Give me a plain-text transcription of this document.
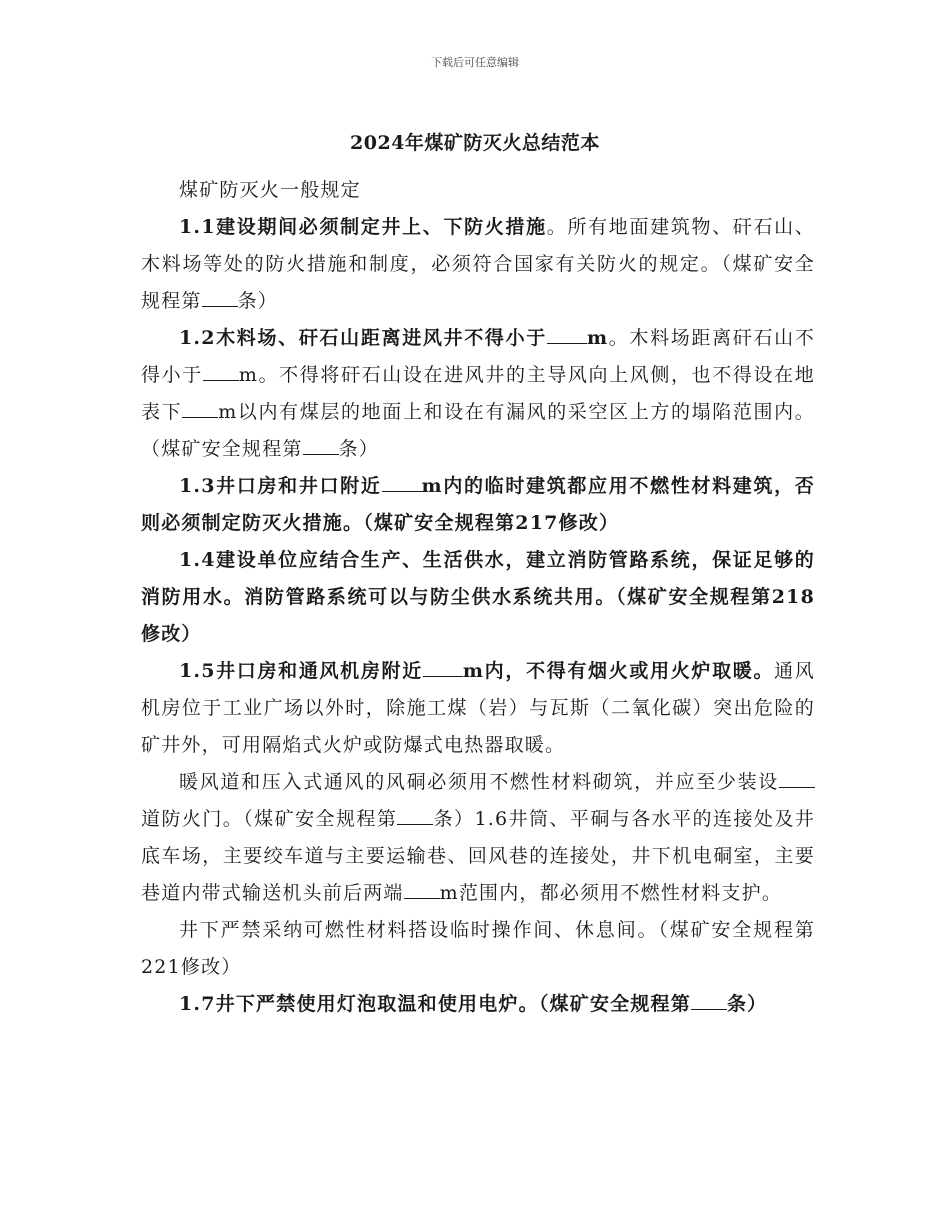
下载后可任意编辑
2024年煤矿防灭火总结范本

煤矿防灭火一般规定

1.1建设期间必须制定井上、下防火措施。所有地面建筑物、矸石山、木料场等处的防火措施和制度，必须符合国家有关防火的规定。（煤矿安全规程第 条）

1.2木料场、矸石山距离进风井不得小于 m。木料场距离矸石山不得小于 m。不得将矸石山设在进风井的主导风向上风侧，也不得设在地表下 m以内有煤层的地面上和设在有漏风的采空区上方的塌陷范围内。（煤矿安全规程第 条）

1.3井口房和井口附近 m内的临时建筑都应用不燃性材料建筑，否则必须制定防灭火措施。（煤矿安全规程第217修改）

1.4建设单位应结合生产、生活供水，建立消防管路系统，保证足够的消防用水。消防管路系统可以与防尘供水系统共用。（煤矿安全规程第218修改）

1.5井口房和通风机房附近 m内，不得有烟火或用火炉取暖。通风机房位于工业广场以外时，除施工煤（岩）与瓦斯（二氧化碳）突出危险的矿井外，可用隔焰式火炉或防爆式电热器取暖。

暖风道和压入式通风的风硐必须用不燃性材料砌筑，并应至少装设道防火门。（煤矿安全规程第 条）1.6井筒、平硐与各水平的连接处及井底车场，主要绞车道与主要运输巷、回风巷的连接处，井下机电硐室，主要巷道内带式输送机头前后两端 m范围内，都必须用不燃性材料支护。

井下严禁采纳可燃性材料搭设临时操作间、休息间。（煤矿安全规程第221修改）

1.7井下严禁使用灯泡取温和使用电炉。（煤矿安全规程第 条）
